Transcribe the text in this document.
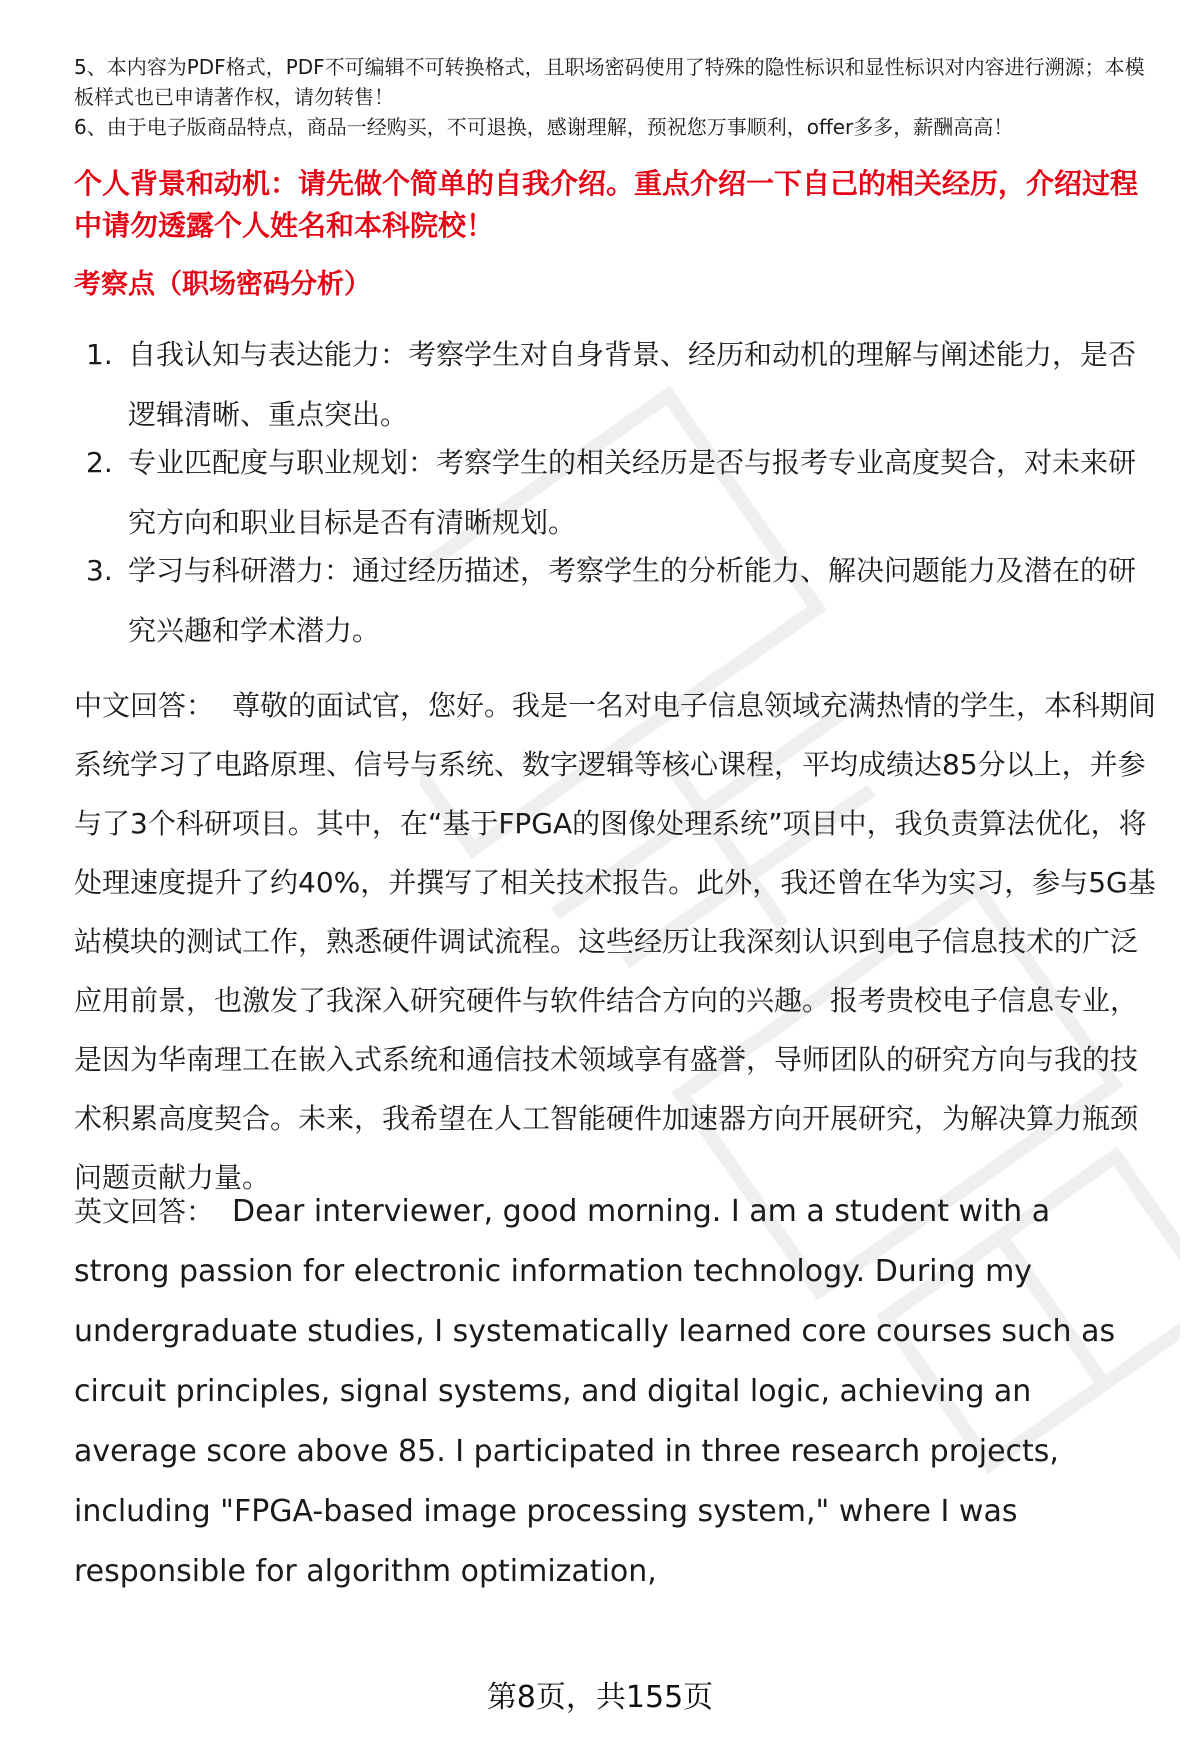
5、本内容为PDF格式，PDF不可编辑不可转换格式，且职场密码使用了特殊的隐性标识和显性标识对内容进行溯源；本模板样式也已申请著作权，请勿转售！
6、由于电子版商品特点，商品一经购买，不可退换，感谢理解，预祝您万事顺利，offer多多，薪酬高高！
个人背景和动机：请先做个简单的自我介绍。重点介绍一下自己的相关经历，介绍过程中请勿透露个人姓名和本科院校！
考察点（职场密码分析）
1. 自我认知与表达能力：考察学生对自身背景、经历和动机的理解与阐述能力，是否逻辑清晰、重点突出。
2. 专业匹配度与职业规划：考察学生的相关经历是否与报考专业高度契合，对未来研究方向和职业目标是否有清晰规划。
3. 学习与科研潜力：通过经历描述，考察学生的分析能力、解决问题能力及潜在的研究兴趣和学术潜力。
中文回答： 尊敬的面试官，您好。我是一名对电子信息领域充满热情的学生，本科期间系统学习了电路原理、信号与系统、数字逻辑等核心课程，平均成绩达85分以上，并参与了3个科研项目。其中，在“基于FPGA的图像处理系统”项目中，我负责算法优化，将处理速度提升了约40%，并撰写了相关技术报告。此外，我还曾在华为实习，参与5G基站模块的测试工作，熟悉硬件调试流程。这些经历让我深刻认识到电子信息技术的广泛应用前景，也激发了我深入研究硬件与软件结合方向的兴趣。报考贵校电子信息专业，是因为华南理工在嵌入式系统和通信技术领域享有盛誉，导师团队的研究方向与我的技术积累高度契合。未来，我希望在人工智能硬件加速器方向开展研究，为解决算力瓶颈问题贡献力量。
英文回答： Dear interviewer, good morning. I am a student with a strong passion for electronic information technology. During my undergraduate studies, I systematically learned core courses such as circuit principles, signal systems, and digital logic, achieving an average score above 85. I participated in three research projects, including "FPGA-based image processing system," where I was responsible for algorithm optimization,
第8页，共155页
